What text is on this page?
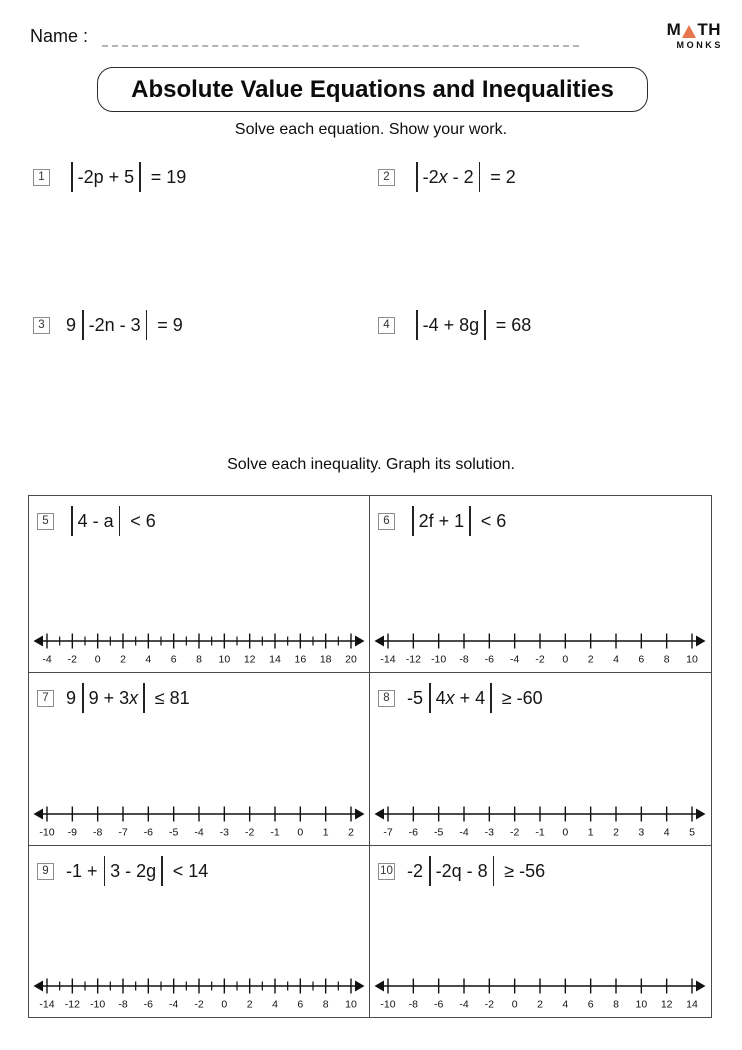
Name :	M TH
MONKS
Absolute Value Equations and Inequalities
Solve each equation. Show your work.
1 -2p + 5 = 19	2 -2x - 2 = 2
3 9 -2n - 3 = 9	4 -4 + 8g = 68
Solve each inequality. Graph its solution.
5 4 - a < 6
-4 -2 0 2 4 6 8 10 12 14 16 18 20
6 2f + 1 < 6
-14 -12 -10 -8 -6 -4 -2 0 2 4 6 8 10
7 9 9 + 3x ≤ 81
-10 -9 -8 -7 -6 -5 -4 -3 -2 -1 0 1 2
8 -5 4x + 4 ≥ -60
-7 -6 -5 -4 -3 -2 -1 0 1 2 3 4 5
9 -1 + 3 - 2g < 14
-14 -12 -10 -8 -6 -4 -2 0 2 4 6 8 10
10 -2 -2q - 8 ≥ -56
-10 -8 -6 -4 -2 0 2 4 6 8 10 12 14
